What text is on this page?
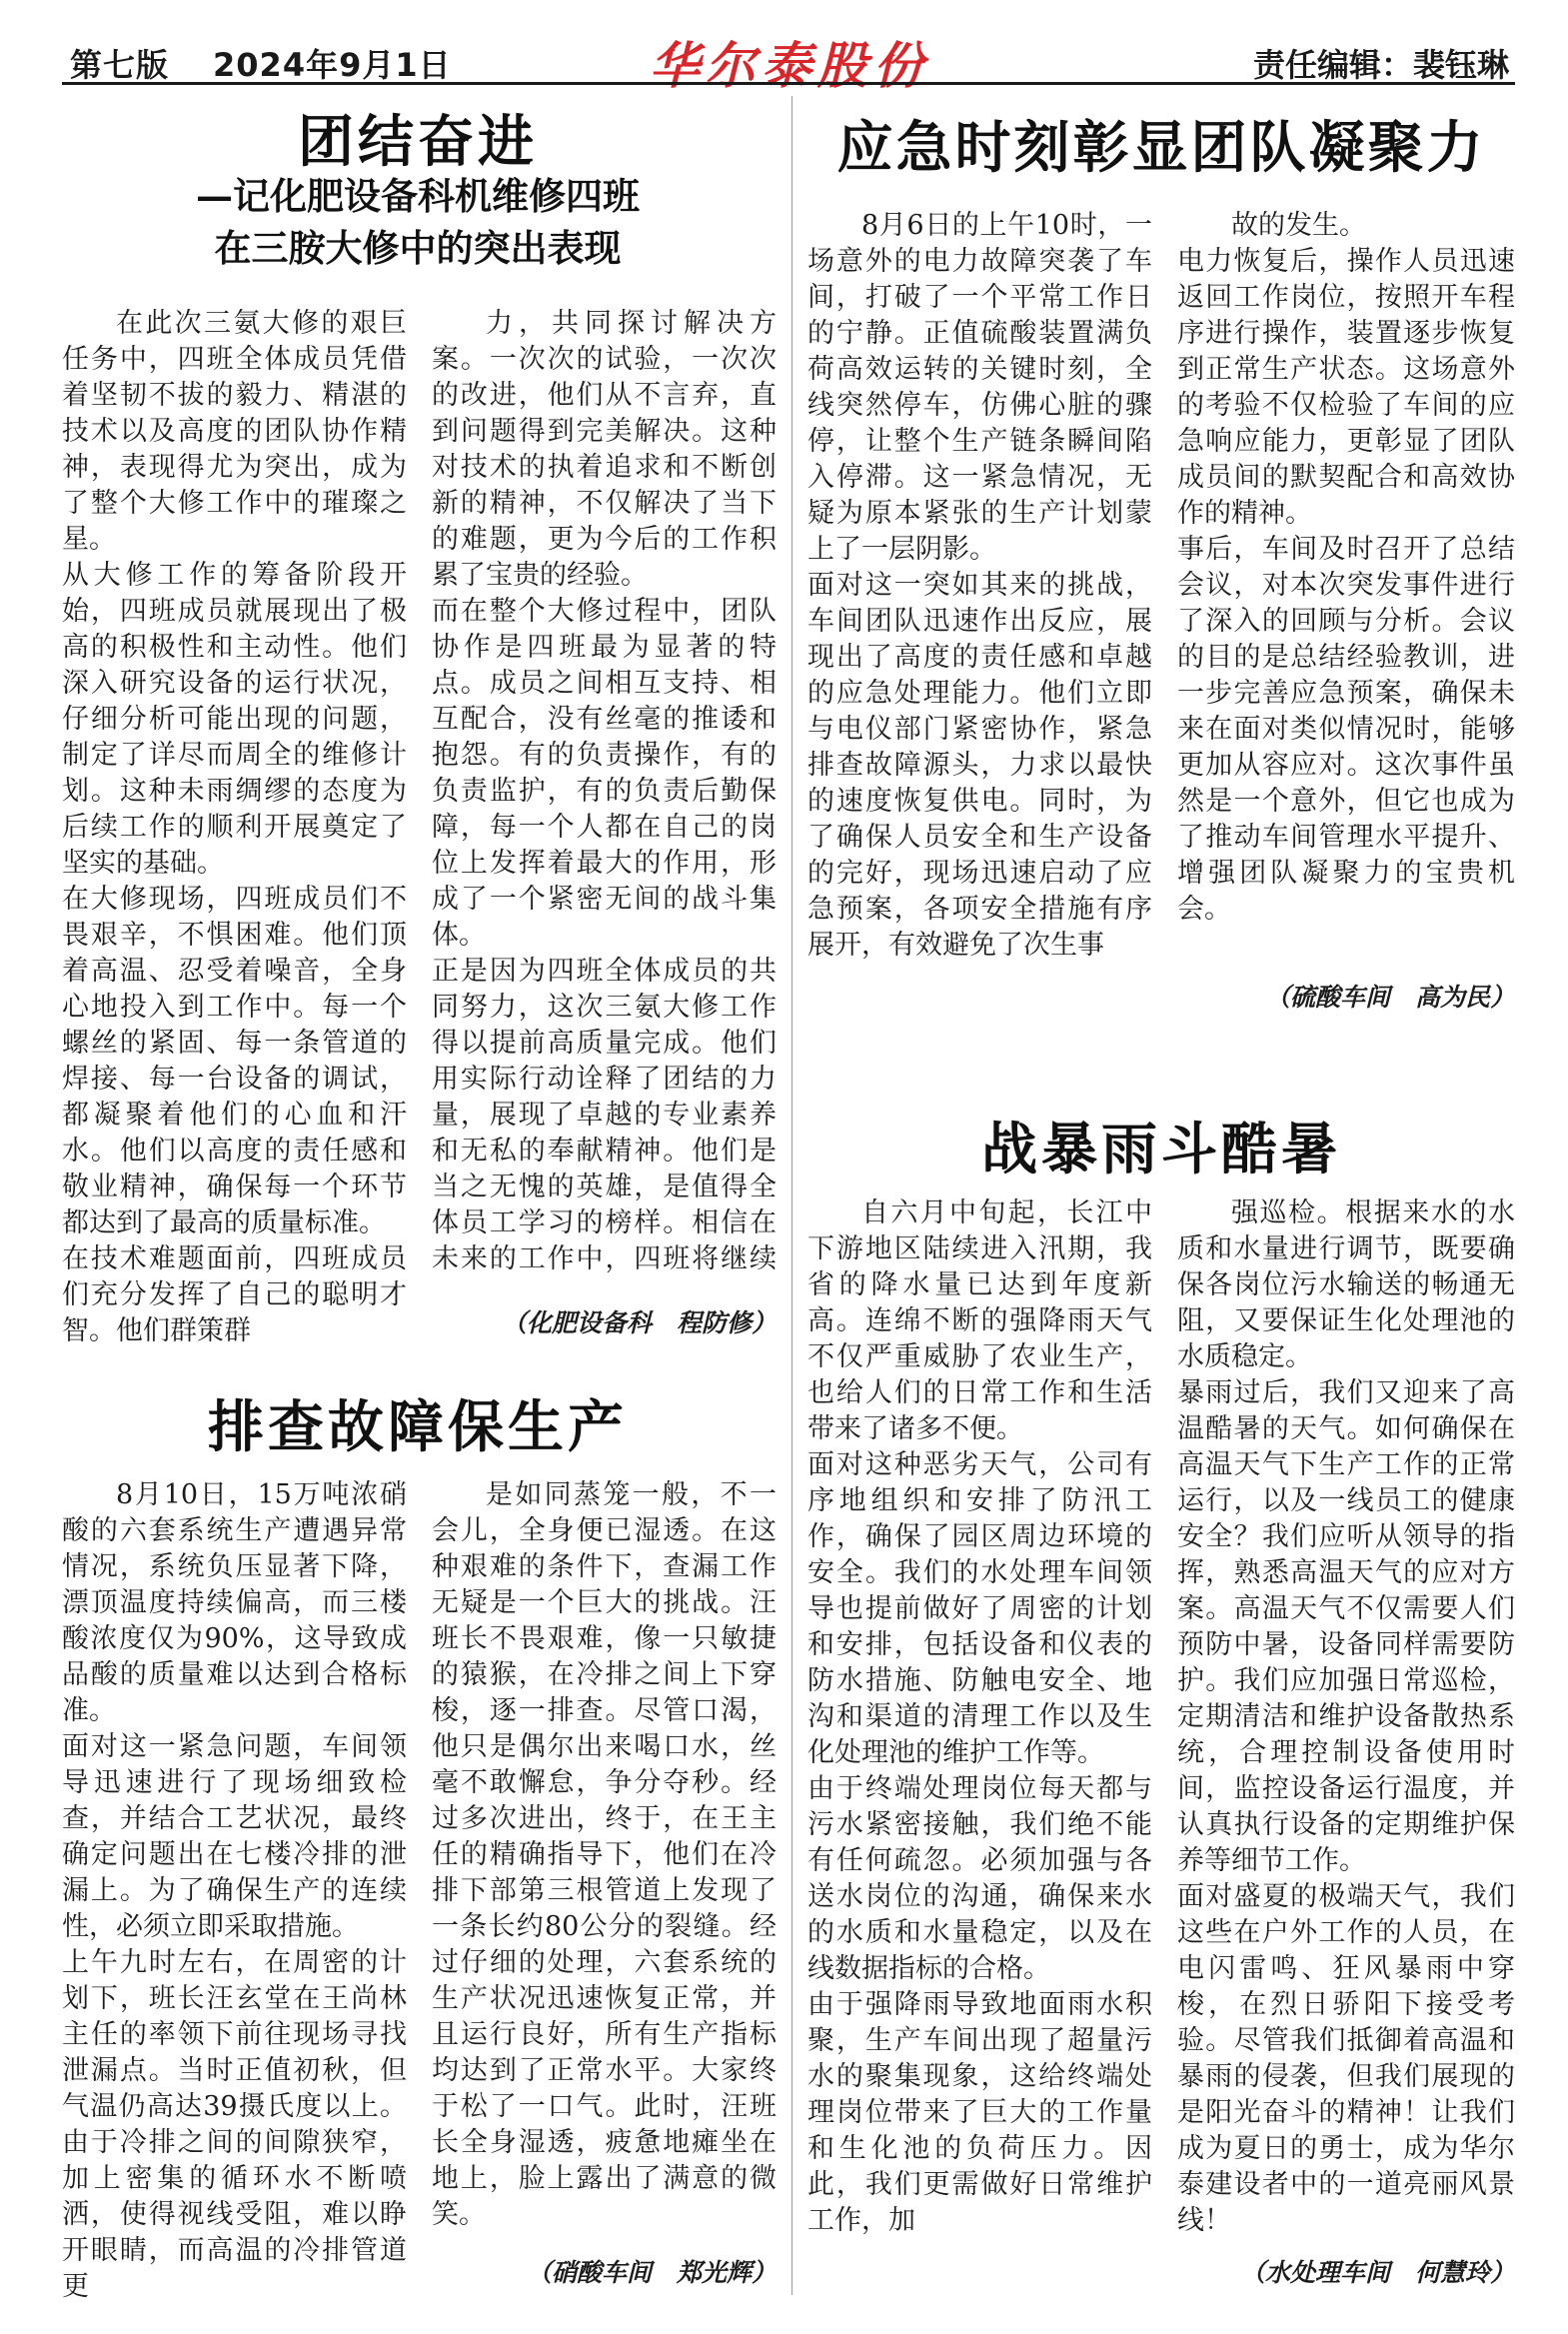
第七版 2024年9月1日	华尔泰股份	责任编辑：裴钰琳
团结奋进
—记化肥设备科机维修四班
在三胺大修中的突出表现

在此次三氨大修的艰巨任务中，四班全体成员凭借着坚韧不拔的毅力、精湛的技术以及高度的团队协作精神，表现得尤为突出，成为了整个大修工作中的璀璨之星。
从大修工作的筹备阶段开始，四班成员就展现出了极高的积极性和主动性。他们深入研究设备的运行状况，仔细分析可能出现的问题，制定了详尽而周全的维修计划。这种未雨绸缪的态度为后续工作的顺利开展奠定了坚实的基础。
在大修现场，四班成员们不畏艰辛，不惧困难。他们顶着高温、忍受着噪音，全身心地投入到工作中。每一个螺丝的紧固、每一条管道的焊接、每一台设备的调试，都凝聚着他们的心血和汗水。他们以高度的责任感和敬业精神，确保每一个环节都达到了最高的质量标准。
在技术难题面前，四班成员们充分发挥了自己的聪明才智。他们群策群

力，共同探讨解决方案。一次次的试验，一次次的改进，他们从不言弃，直到问题得到完美解决。这种对技术的执着追求和不断创新的精神，不仅解决了当下的难题，更为今后的工作积累了宝贵的经验。
而在整个大修过程中，团队协作是四班最为显著的特点。成员之间相互支持、相互配合，没有丝毫的推诿和抱怨。有的负责操作，有的负责监护，有的负责后勤保障，每一个人都在自己的岗位上发挥着最大的作用，形成了一个紧密无间的战斗集体。
正是因为四班全体成员的共同努力，这次三氨大修工作得以提前高质量完成。他们用实际行动诠释了团结的力量，展现了卓越的专业素养和无私的奉献精神。他们是当之无愧的英雄，是值得全体员工学习的榜样。相信在未来的工作中，四班将继续

（化肥设备科　程防修）
排查故障保生产

8月10日，15万吨浓硝酸的六套系统生产遭遇异常情况，系统负压显著下降，漂顶温度持续偏高，而三楼酸浓度仅为90%，这导致成品酸的质量难以达到合格标准。
面对这一紧急问题，车间领导迅速进行了现场细致检查，并结合工艺状况，最终确定问题出在七楼冷排的泄漏上。为了确保生产的连续性，必须立即采取措施。
上午九时左右，在周密的计划下，班长汪玄堂在王尚林主任的率领下前往现场寻找泄漏点。当时正值初秋，但气温仍高达39摄氏度以上。由于冷排之间的间隙狭窄，加上密集的循环水不断喷洒，使得视线受阻，难以睁开眼睛，而高温的冷排管道更

是如同蒸笼一般，不一会儿，全身便已湿透。在这种艰难的条件下，查漏工作无疑是一个巨大的挑战。汪班长不畏艰难，像一只敏捷的猿猴，在冷排之间上下穿梭，逐一排查。尽管口渴，他只是偶尔出来喝口水，丝毫不敢懈怠，争分夺秒。经过多次进出，终于，在王主任的精确指导下，他们在冷排下部第三根管道上发现了一条长约80公分的裂缝。经过仔细的处理，六套系统的生产状况迅速恢复正常，并且运行良好，所有生产指标均达到了正常水平。大家终于松了一口气。此时，汪班长全身湿透，疲惫地瘫坐在地上，脸上露出了满意的微笑。

（硝酸车间　郑光辉）
应急时刻彰显团队凝聚力

8月6日的上午10时，一场意外的电力故障突袭了车间，打破了一个平常工作日的宁静。正值硫酸装置满负荷高效运转的关键时刻，全线突然停车，仿佛心脏的骤停，让整个生产链条瞬间陷入停滞。这一紧急情况，无疑为原本紧张的生产计划蒙上了一层阴影。
面对这一突如其来的挑战，车间团队迅速作出反应，展现出了高度的责任感和卓越的应急处理能力。他们立即与电仪部门紧密协作，紧急排查故障源头，力求以最快的速度恢复供电。同时，为了确保人员安全和生产设备的完好，现场迅速启动了应急预案，各项安全措施有序展开，有效避免了次生事

故的发生。
电力恢复后，操作人员迅速返回工作岗位，按照开车程序进行操作，装置逐步恢复到正常生产状态。这场意外的考验不仅检验了车间的应急响应能力，更彰显了团队成员间的默契配合和高效协作的精神。
事后，车间及时召开了总结会议，对本次突发事件进行了深入的回顾与分析。会议的目的是总结经验教训，进一步完善应急预案，确保未来在面对类似情况时，能够更加从容应对。这次事件虽然是一个意外，但它也成为了推动车间管理水平提升、增强团队凝聚力的宝贵机会。

（硫酸车间　高为民）
战暴雨斗酷暑

自六月中旬起，长江中下游地区陆续进入汛期，我省的降水量已达到年度新高。连绵不断的强降雨天气不仅严重威胁了农业生产，也给人们的日常工作和生活带来了诸多不便。
面对这种恶劣天气，公司有序地组织和安排了防汛工作，确保了园区周边环境的安全。我们的水处理车间领导也提前做好了周密的计划和安排，包括设备和仪表的防水措施、防触电安全、地沟和渠道的清理工作以及生化处理池的维护工作等。
由于终端处理岗位每天都与污水紧密接触，我们绝不能有任何疏忽。必须加强与各送水岗位的沟通，确保来水的水质和水量稳定，以及在线数据指标的合格。
由于强降雨导致地面雨水积聚，生产车间出现了超量污水的聚集现象，这给终端处理岗位带来了巨大的工作量和生化池的负荷压力。因此，我们更需做好日常维护工作，加

强巡检。根据来水的水质和水量进行调节，既要确保各岗位污水输送的畅通无阻，又要保证生化处理池的水质稳定。
暴雨过后，我们又迎来了高温酷暑的天气。如何确保在高温天气下生产工作的正常运行，以及一线员工的健康安全？我们应听从领导的指挥，熟悉高温天气的应对方案。高温天气不仅需要人们预防中暑，设备同样需要防护。我们应加强日常巡检，定期清洁和维护设备散热系统，合理控制设备使用时间，监控设备运行温度，并认真执行设备的定期维护保养等细节工作。
面对盛夏的极端天气，我们这些在户外工作的人员，在电闪雷鸣、狂风暴雨中穿梭，在烈日骄阳下接受考验。尽管我们抵御着高温和暴雨的侵袭，但我们展现的是阳光奋斗的精神！让我们成为夏日的勇士，成为华尔泰建设者中的一道亮丽风景线！

（水处理车间　何慧玲）
